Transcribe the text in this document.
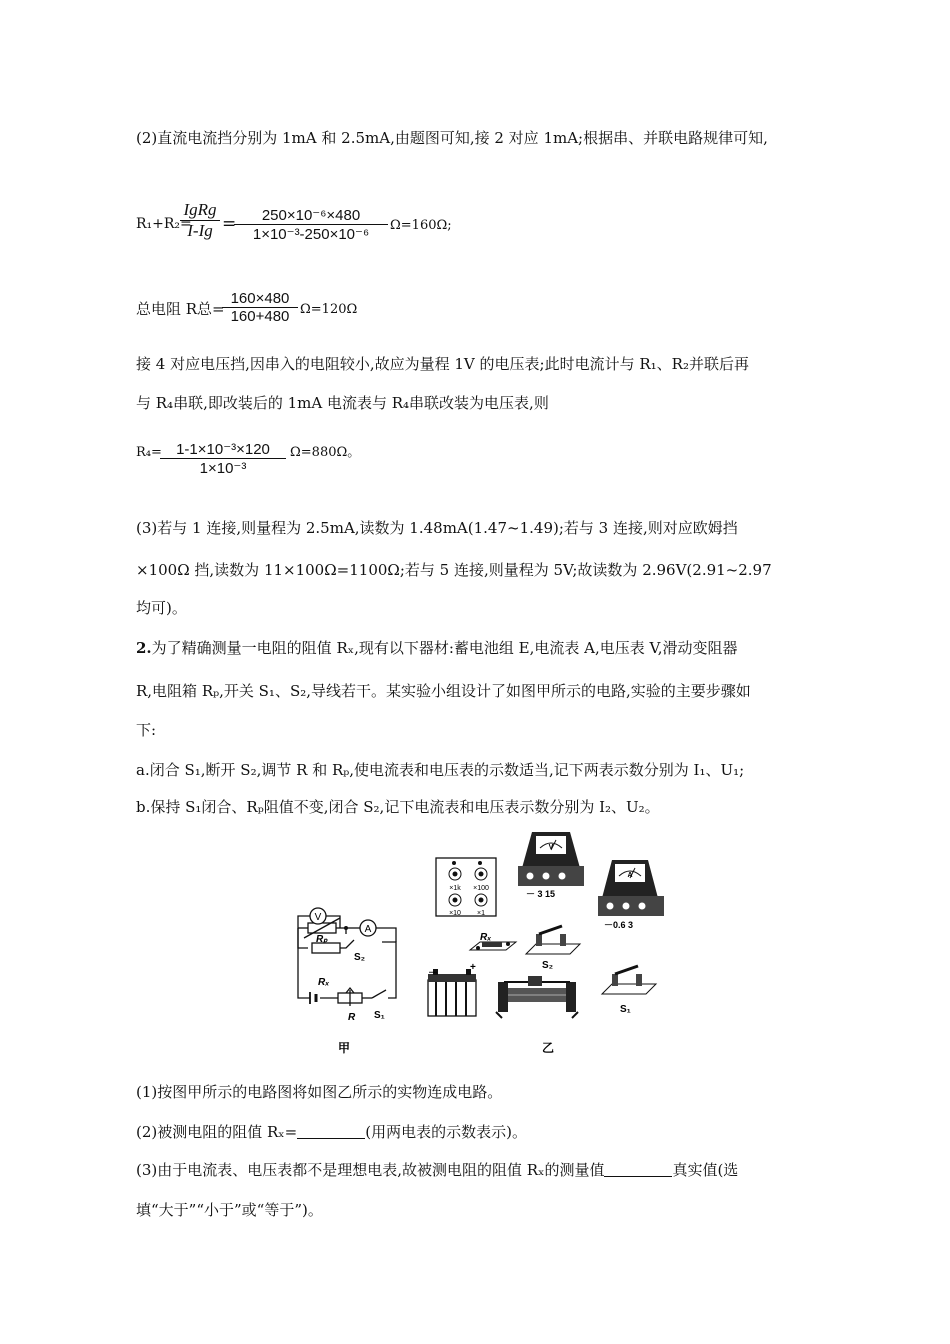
(2)直流电流挡分别为 1mA 和 2.5mA,由题图可知,接 2 对应 1mA;根据串、并联电路规律可知,
R₁+R₂=
IgRg
I-Ig =	250×10⁻⁶×480
1×10⁻³-250×10⁻⁶
Ω=160Ω;
总电阻 R总=
160×480
160+480 Ω=120Ω
接 4 对应电压挡,因串入的电阻较小,故应为量程 1V 的电压表;此时电流计与 R₁、R₂并联后再
与 R₄串联,即改装后的 1mA 电流表与 R₄串联改装为电压表,则
R₄= 1-1×10⁻³×120
1×10⁻³
Ω=880Ω。
(3)若与 1 连接,则量程为 2.5mA,读数为 1.48mA(1.47~1.49);若与 3 连接,则对应欧姆挡
×100Ω 挡,读数为 11×100Ω=1100Ω;若与 5 连接,则量程为 5V;故读数为 2.96V(2.91~2.97
均可)。
2.为了精确测量一电阻的阻值 Rₓ,现有以下器材:蓄电池组 E,电流表 A,电压表 V,滑动变阻器
R,电阻箱 Rₚ,开关 S₁、S₂,导线若干。某实验小组设计了如图甲所示的电路,实验的主要步骤如
下:
a.闭合 S₁,断开 S₂,调节 R 和 Rₚ,使电流表和电压表的示数适当,记下两表示数分别为 I₁、U₁;
b.保持 S₁闭合、Rₚ阻值不变,闭合 S₂,记下电流表和电压表示数分别为 I₂、U₂。
V
A
Rₚ
S₂
Rₓ
R S₁
甲
×1k ×100
×10 ×1
V
－ 3 15
A
－0.6 3
Rₓ
S₂
－
+
S₁
乙
(1)按图甲所示的电路图将如图乙所示的实物连成电路。
(2)被测电阻的阻值 Rₓ=	(用两电表的示数表示)。
(3)由于电流表、电压表都不是理想电表,故被测电阻的阻值 Rₓ的测量值	真实值(选
填“大于”“小于”或“等于”)。
